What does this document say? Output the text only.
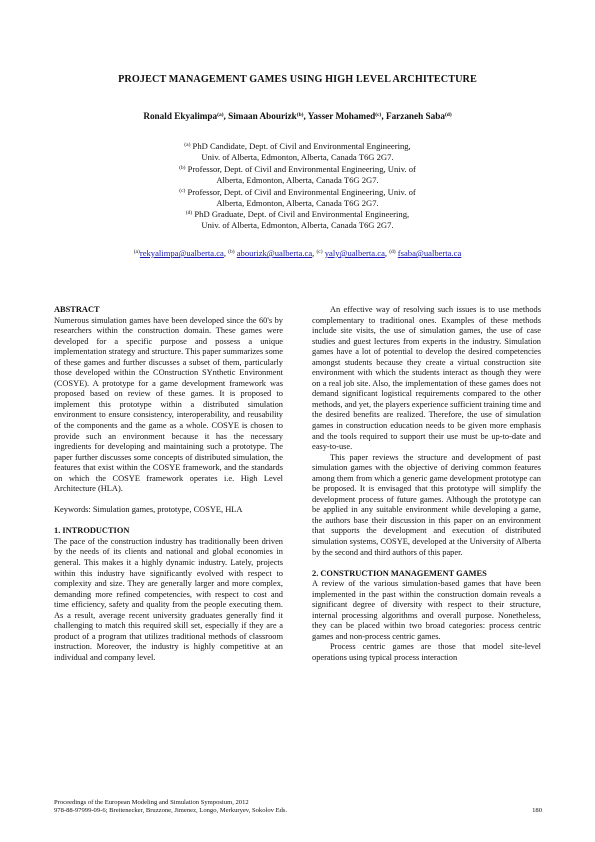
PROJECT MANAGEMENT GAMES USING HIGH LEVEL ARCHITECTURE
Ronald Ekyalimpa$^{(a)}$, Simaan Abourizk$^{(b)}$, Yasser Mohamed$^{(c)}$, Farzaneh Saba$^{(d)}$

$^{(a)}$ PhD Candidate, Dept. of Civil and Environmental Engineering,
Univ. of Alberta, Edmonton, Alberta, Canada T6G 2G7.

$^{(b)}$ Professor, Dept. of Civil and Environmental Engineering, Univ. of
Alberta, Edmonton, Alberta, Canada T6G 2G7.

$^{(c)}$ Professor, Dept. of Civil and Environmental Engineering, Univ. of
Alberta, Edmonton, Alberta, Canada T6G 2G7.

$^{(d)}$ PhD Graduate, Dept. of Civil and Environmental Engineering,
Univ. of Alberta, Edmonton, Alberta, Canada T6G 2G7.

$^{(a)}$rekyalimpa@ualberta.ca, $^{(b)}$ abourizk@ualberta.ca, $^{(c)}$ yaly@ualberta.ca, $^{(d)}$ fsaba@ualberta.ca
ABSTRACT

Numerous simulation games have been developed since the 60's by researchers within the construction domain. These games were developed for a specific purpose and possess a unique implementation strategy and structure. This paper summarizes some of these games and further discusses a subset of them, particularly those developed within the COnstruction SYnthetic Environment (COSYE). A prototype for a game development framework was proposed based on review of these games. It is proposed to implement this prototype within a distributed simulation environment to ensure consistency, interoperability, and reusability of the components and the game as a whole. COSYE is chosen to provide such an environment because it has the necessary ingredients for developing and maintaining such a prototype. The paper further discusses some concepts of distributed simulation, the features that exist within the COSYE framework, and the standards on which the COSYE framework operates i.e. High Level Architecture (HLA).

Keywords: Simulation games, prototype, COSYE, HLA

1. INTRODUCTION

The pace of the construction industry has traditionally been driven by the needs of its clients and national and global economies in general. This makes it a highly dynamic industry. Lately, projects within this industry have significantly evolved with respect to complexity and size. They are generally larger and more complex, demanding more refined competencies, with respect to cost and time efficiency, safety and quality from the people executing them. As a result, average recent university graduates generally find it challenging to match this required skill set, especially if they are a product of a program that utilizes traditional methods of classroom instruction. Moreover, the industry is highly competitive at an individual and company level.

An effective way of resolving such issues is to use methods complementary to traditional ones. Examples of these methods include site visits, the use of simulation games, the use of case studies and guest lectures from experts in the industry. Simulation games have a lot of potential to develop the desired competencies amongst students because they create a virtual construction site environment with which the students interact as though they were on a real job site. Also, the implementation of these games does not demand significant logistical requirements compared to the other methods, and yet, the players experience sufficient training time and the desired benefits are realized. Therefore, the use of simulation games in construction education needs to be given more emphasis and the tools required to support their use must be up-to-date and easy-to-use.

This paper reviews the structure and development of past simulation games with the objective of deriving common features among them from which a generic game development prototype can be proposed. It is envisaged that this prototype will simplify the development process of future games. Although the prototype can be applied in any suitable environment while developing a game, the authors base their discussion in this paper on an environment that supports the development and execution of distributed simulation systems, COSYE, developed at the University of Alberta by the second and third authors of this paper.

2. CONSTRUCTION MANAGEMENT GAMES

A review of the various simulation-based games that have been implemented in the past within the construction domain reveals a significant degree of diversity with respect to their structure, internal processing algorithms and overall purpose. Nonetheless, they can be placed within two broad categories: process centric games and non-process centric games.

Process centric games are those that model site-level operations using typical process interaction

Proceedings of the European Modeling and Simulation Symposium, 2012
978-88-97999-09-6; Breitenecker, Bruzzone, Jimenez, Longo, Merkuryev, Sokolov Eds.	180
